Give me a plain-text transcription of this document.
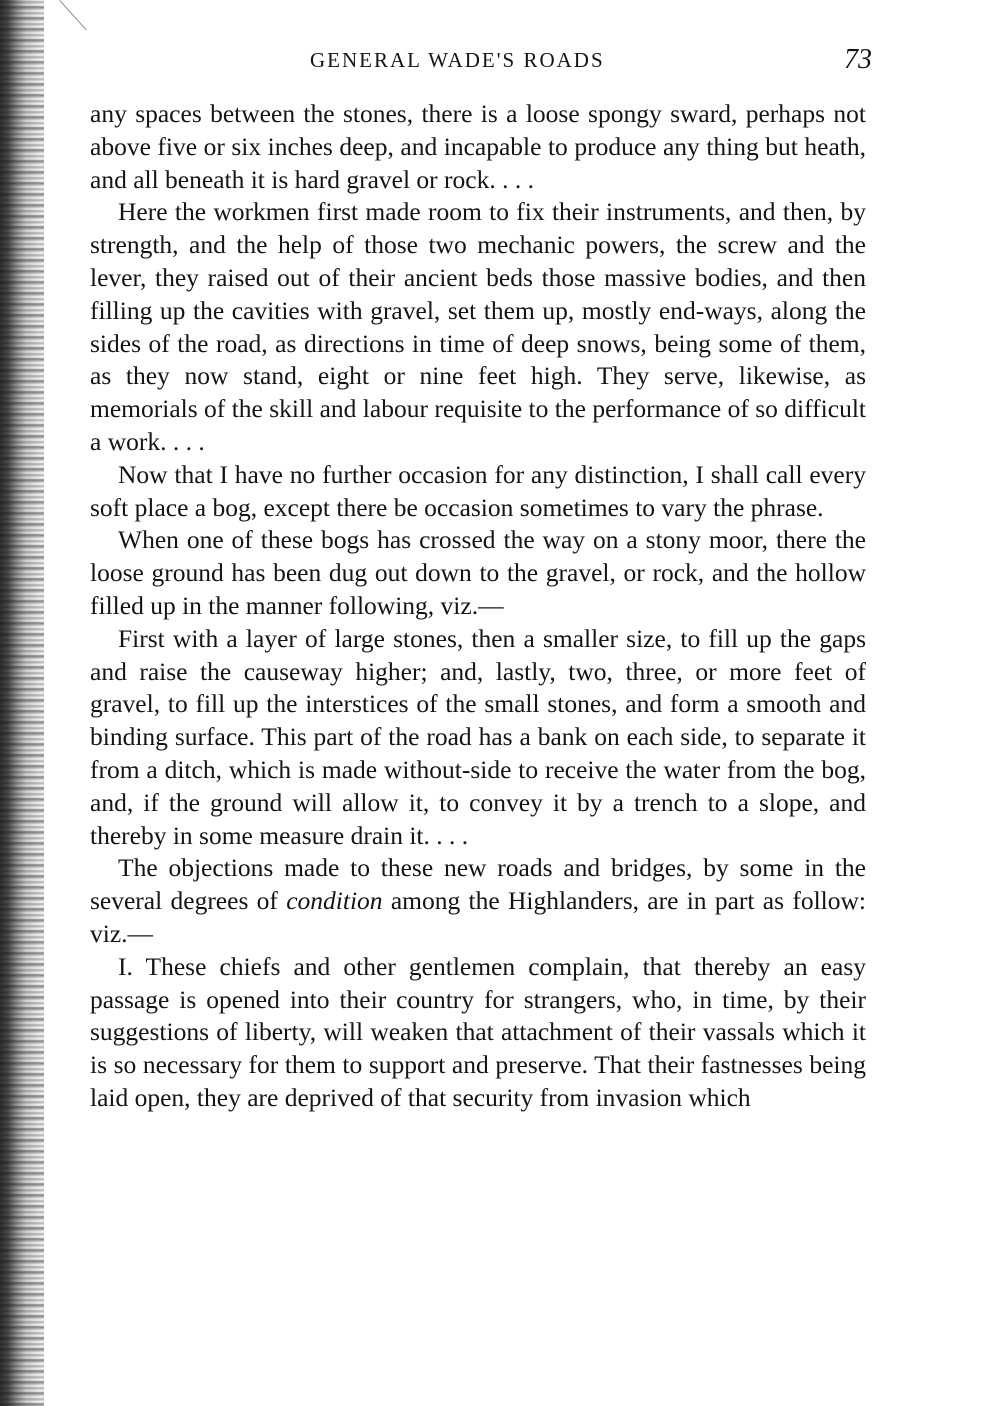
GENERAL WADE'S ROADS	73

any spaces between the stones, there is a loose spongy sward, perhaps not above five or six inches deep, and incapable to produce any thing but heath, and all beneath it is hard gravel or rock. . . .

Here the workmen first made room to fix their instruments, and then, by strength, and the help of those two mechanic powers, the screw and the lever, they raised out of their ancient beds those massive bodies, and then filling up the cavities with gravel, set them up, mostly end-ways, along the sides of the road, as directions in time of deep snows, being some of them, as they now stand, eight or nine feet high. They serve, likewise, as memorials of the skill and labour requisite to the performance of so difficult a work. . . .

Now that I have no further occasion for any distinction, I shall call every soft place a bog, except there be occasion sometimes to vary the phrase.

When one of these bogs has crossed the way on a stony moor, there the loose ground has been dug out down to the gravel, or rock, and the hollow filled up in the manner following, viz.—

First with a layer of large stones, then a smaller size, to fill up the gaps and raise the causeway higher; and, lastly, two, three, or more feet of gravel, to fill up the interstices of the small stones, and form a smooth and binding surface. This part of the road has a bank on each side, to separate it from a ditch, which is made without-side to receive the water from the bog, and, if the ground will allow it, to convey it by a trench to a slope, and thereby in some measure drain it. . . .

The objections made to these new roads and bridges, by some in the several degrees of condition among the Highlanders, are in part as follow: viz.—

I. These chiefs and other gentlemen complain, that thereby an easy passage is opened into their country for strangers, who, in time, by their suggestions of liberty, will weaken that attachment of their vassals which it is so necessary for them to support and preserve. That their fastnesses being laid open, they are deprived of that security from invasion which
